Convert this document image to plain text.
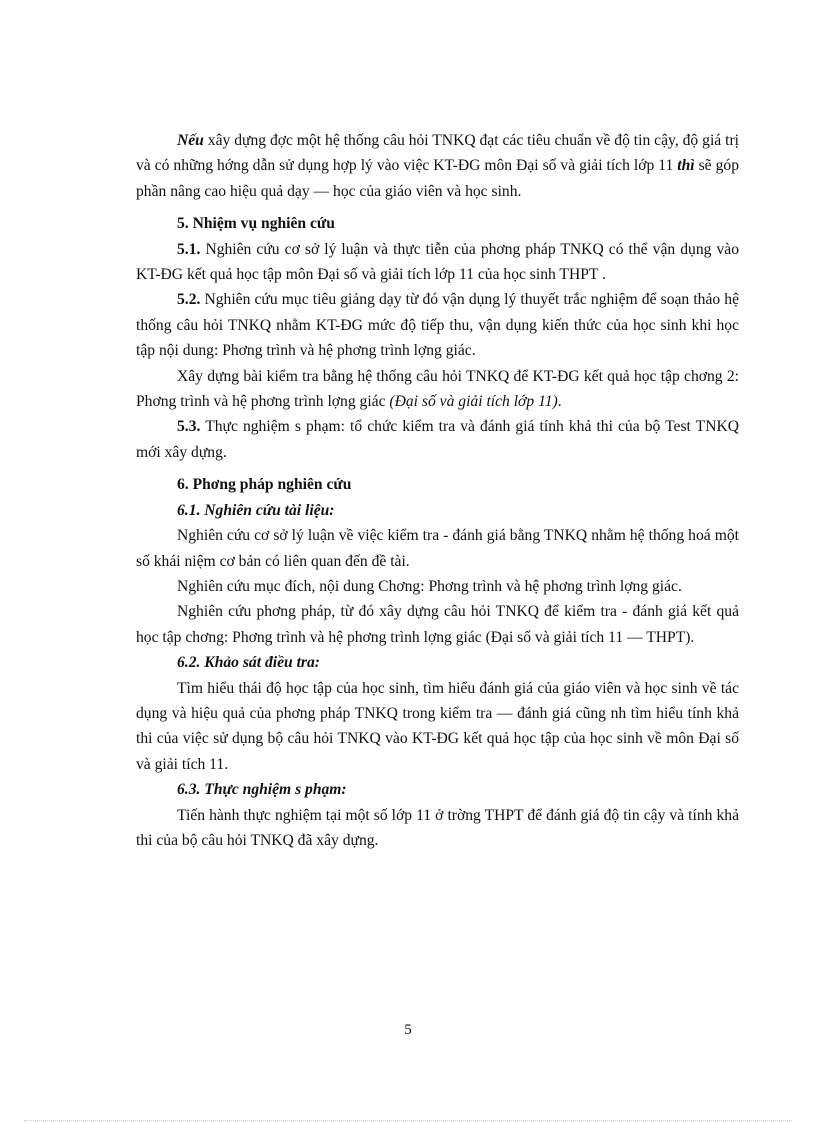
Nếu xây dựng đợc một hệ thống câu hỏi TNKQ đạt các tiêu chuẩn về độ tin cậy, độ giá trị và có những hớng dẫn sử dụng hợp lý vào việc KT-ĐG môn Đại số và giải tích lớp 11 thì sẽ góp phần nâng cao hiệu quả dạy — học của giáo viên và học sinh.

5. Nhiệm vụ nghiên cứu

5.1. Nghiên cứu cơ sở lý luận và thực tiễn của phơng pháp TNKQ có thể vận dụng vào KT-ĐG kết quả học tập môn Đại số và giải tích lớp 11 của học sinh THPT .

5.2. Nghiên cứu mục tiêu giảng dạy từ đó vận dụng lý thuyết trắc nghiệm để soạn thảo hệ thống câu hỏi TNKQ nhằm KT-ĐG mức độ tiếp thu, vận dụng kiến thức của học sinh khi học tập nội dung: Phơng trình và hệ phơng trình lợng giác.

Xây dựng bài kiểm tra bằng hệ thống câu hỏi TNKQ để KT-ĐG kết quả học tập chơng 2: Phơng trình và hệ phơng trình lợng giác (Đại số và giải tích lớp 11).

5.3. Thực nghiệm s phạm: tổ chức kiểm tra và đánh giá tính khả thi của bộ Test TNKQ mới xây dựng.

6. Phơng pháp nghiên cứu

6.1. Nghiên cứu tài liệu:

Nghiên cứu cơ sở lý luận về việc kiểm tra - đánh giá bằng TNKQ nhằm hệ thống hoá một số khái niệm cơ bản có liên quan đến đề tài.

Nghiên cứu mục đích, nội dung Chơng: Phơng trình và hệ phơng trình lợng giác.

Nghiên cứu phơng pháp, từ đó xây dựng câu hỏi TNKQ để kiểm tra - đánh giá kết quả học tập chơng: Phơng trình và hệ phơng trình lợng giác (Đại số và giải tích 11 — THPT).

6.2. Khảo sát điều tra:

Tìm hiểu thái độ học tập của học sinh, tìm hiểu đánh giá của giáo viên và học sinh về tác dụng và hiệu quả của phơng pháp TNKQ trong kiểm tra — đánh giá cũng nh tìm hiểu tính khả thi của việc sử dụng bộ câu hỏi TNKQ vào KT-ĐG kết quả học tập của học sinh về môn Đại số và giải tích 11.

6.3. Thực nghiệm s phạm:

Tiến hành thực nghiệm tại một số lớp 11 ở trờng THPT để đánh giá độ tin cậy và tính khả thi của bộ câu hỏi TNKQ đã xây dựng.

5
